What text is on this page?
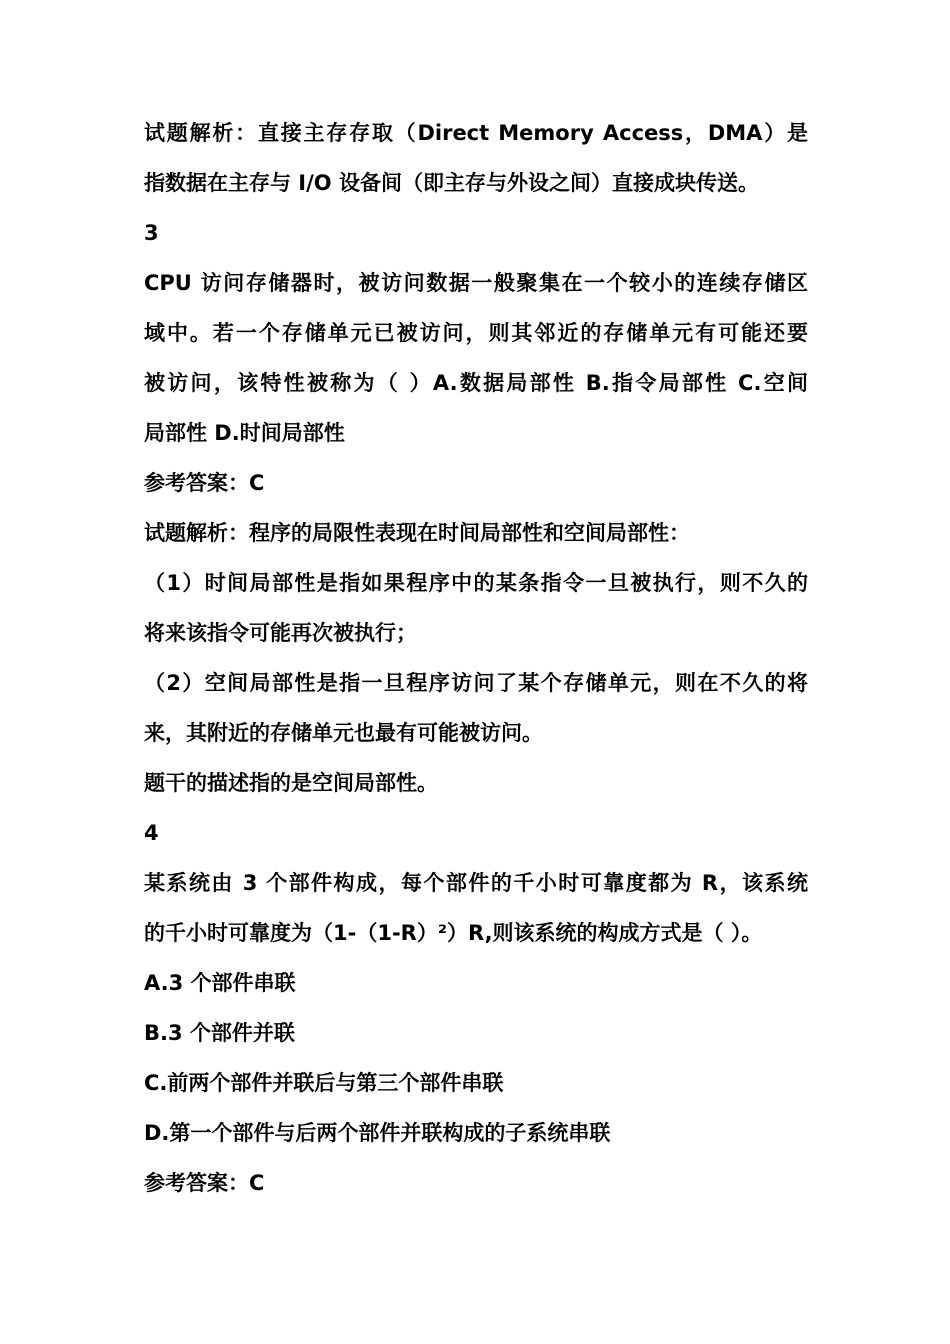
试题解析：直接主存存取（Direct Memory Access，DMA）是
指数据在主存与 I/O 设备间（即主存与外设之间）直接成块传送。
3
CPU 访问存储器时，被访问数据一般聚集在一个较小的连续存储区
域中。若一个存储单元已被访问，则其邻近的存储单元有可能还要
被访问，该特性被称为（ ）A.数据局部性 B.指令局部性 C.空间
局部性 D.时间局部性
参考答案：C
试题解析：程序的局限性表现在时间局部性和空间局部性：
（1）时间局部性是指如果程序中的某条指令一旦被执行，则不久的
将来该指令可能再次被执行；
（2）空间局部性是指一旦程序访问了某个存储单元，则在不久的将
来，其附近的存储单元也最有可能被访问。
题干的描述指的是空间局部性。
4
某系统由 3 个部件构成，每个部件的千小时可靠度都为 R，该系统
的千小时可靠度为（1-（1-R）²）R,则该系统的构成方式是（ ）。
A.3 个部件串联
B.3 个部件并联
C.前两个部件并联后与第三个部件串联
D.第一个部件与后两个部件并联构成的子系统串联
参考答案：C
